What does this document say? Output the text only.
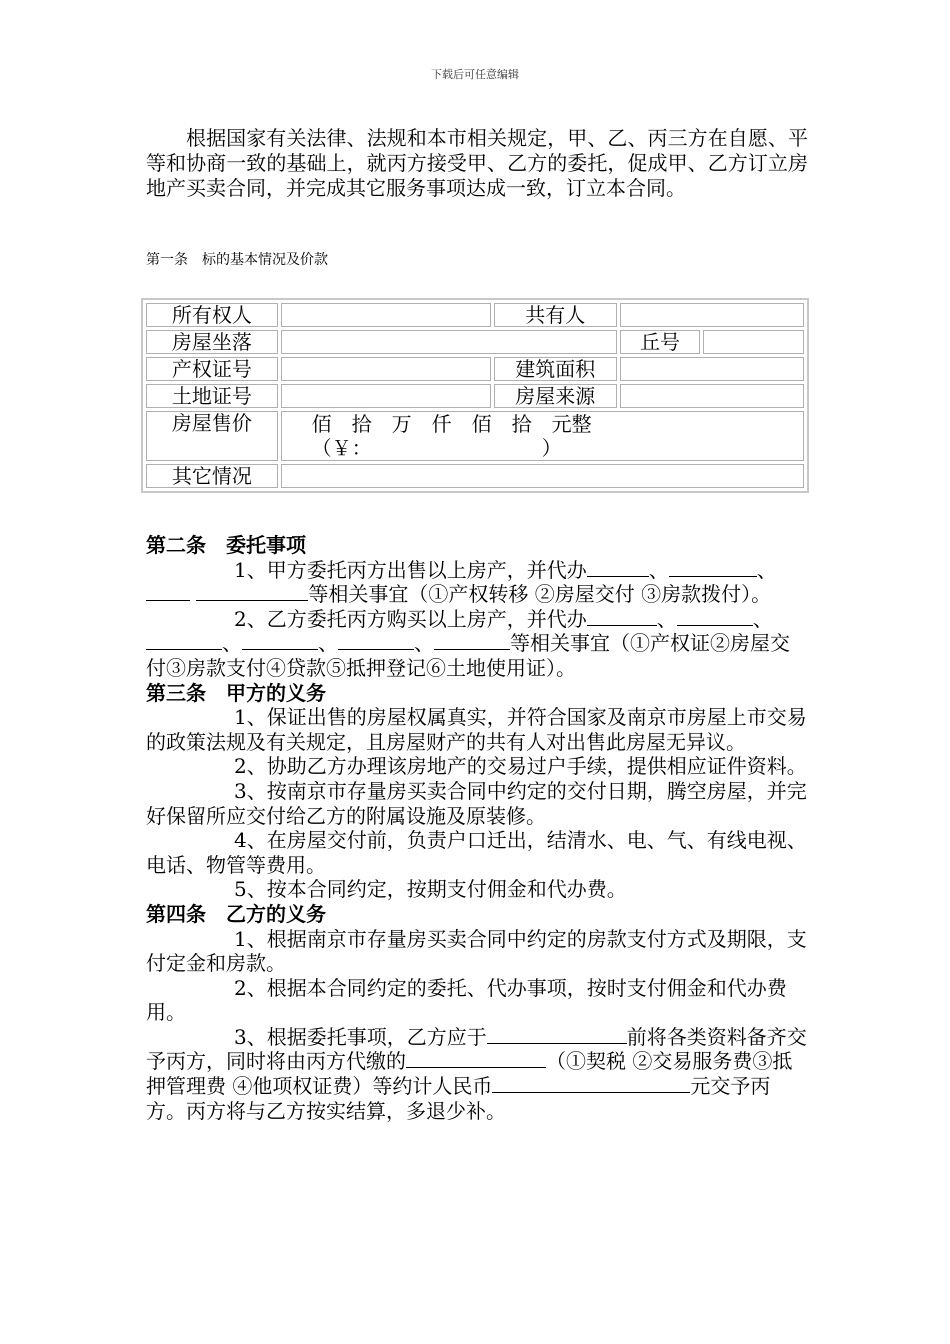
下载后可任意编辑

根据国家有关法律、法规和本市相关规定，甲、乙、丙三方在自愿、平等和协商一致的基础上，就丙方接受甲、乙方的委托，促成甲、乙方订立房地产买卖合同，并完成其它服务事项达成一致，订立本合同。

第一条　标的基本情况及价款
所有权人		共有人		
房屋坐落			丘号	
产权证号		建筑面积		
土地证号		房屋来源		
房屋售价	佰　拾　万　仟　佰　拾　元整（￥：　　　　　　　　　）			
其它情况				

第二条　委托事项

1、甲方委托丙方出售以上房产，并代办	、	、 等相关事宜（①产权转移 ②房屋交付 ③房款拨付）。

2、乙方委托丙方购买以上房产，并代办	、	、、	、	、	等相关事宜（①产权证②房屋交付③房款支付④贷款⑤抵押登记⑥土地使用证）。

第三条　甲方的义务

1、保证出售的房屋权属真实，并符合国家及南京市房屋上市交易的政策法规及有关规定，且房屋财产的共有人对出售此房屋无异议。

2、协助乙方办理该房地产的交易过户手续，提供相应证件资料。

3、按南京市存量房买卖合同中约定的交付日期，腾空房屋，并完好保留所应交付给乙方的附属设施及原装修。

4、在房屋交付前，负责户口迁出，结清水、电、气、有线电视、电话、物管等费用。

5、按本合同约定，按期支付佣金和代办费。

第四条　乙方的义务

1、根据南京市存量房买卖合同中约定的房款支付方式及期限，支付定金和房款。

2、根据本合同约定的委托、代办事项，按时支付佣金和代办费用。

3、根据委托事项，乙方应于	前将各类资料备齐交予丙方，同时将由丙方代缴的	（①契税 ②交易服务费③抵押管理费 ④他项权证费）等约计人民币	元交予丙方。丙方将与乙方按实结算，多退少补。
